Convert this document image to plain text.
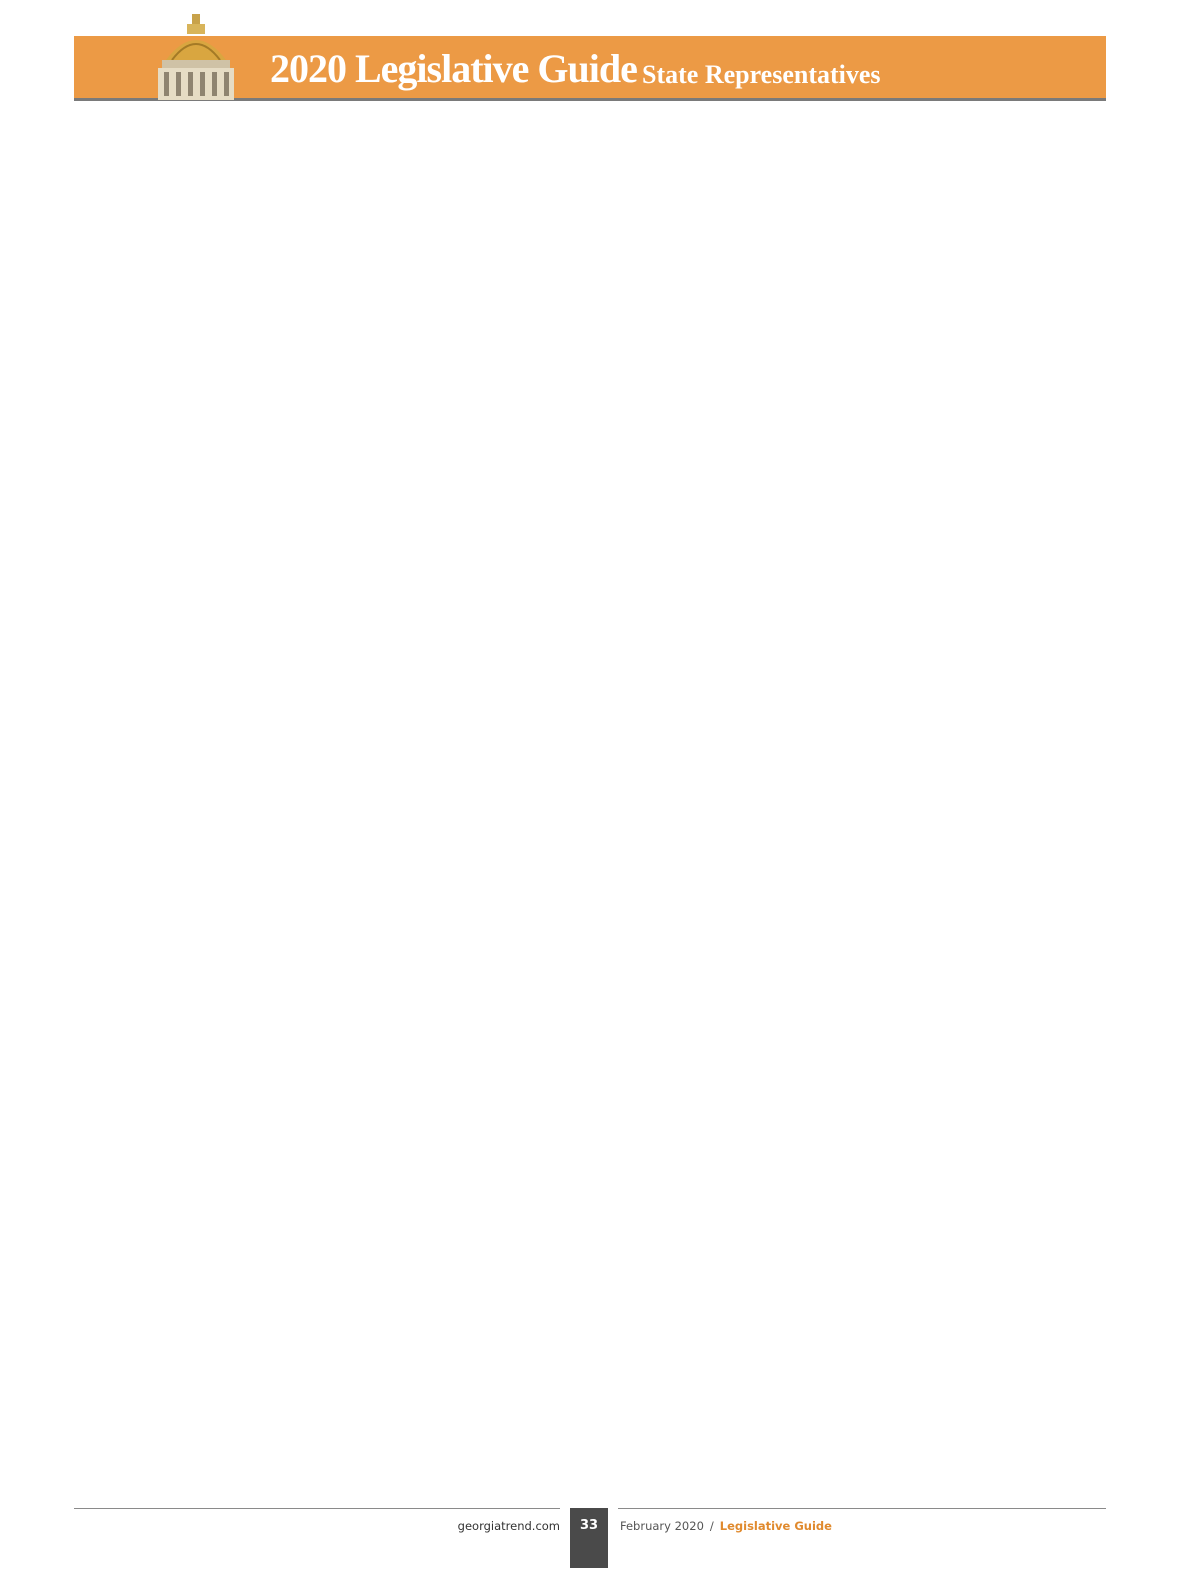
2020 Legislative Guide State Representatives
georgiatrend.com	33	February 2020 / Legislative Guide
